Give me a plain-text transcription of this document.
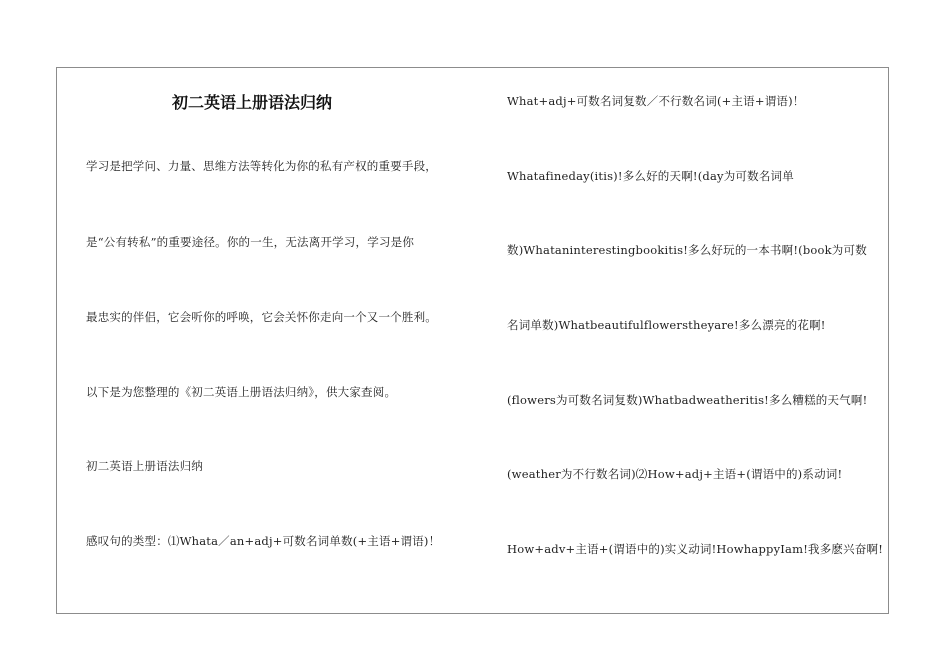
初二英语上册语法归纳
学习是把学问、力量、思维方法等转化为你的私有产权的重要手段，
是“公有转私”的重要途径。你的一生，无法离开学习，学习是你
最忠实的伴侣，它会听你的呼唤，它会关怀你走向一个又一个胜利。
以下是为您整理的《初二英语上册语法归纳》，供大家查阅。
初二英语上册语法归纳
感叹句的类型：⑴Whata／an+adj+可数名词单数(+主语+谓语)！
What+adj+可数名词复数／不行数名词(+主语+谓语)！
Whatafineday(itis)!多么好的天啊!(day为可数名词单
数)Whataninterestingbookitis!多么好玩的一本书啊!(book为可数
名词单数)Whatbeautifulflowerstheyare!多么漂亮的花啊!
(flowers为可数名词复数)Whatbadweatheritis!多么糟糕的天气啊!
(weather为不行数名词)⑵How+adj+主语+(谓语中的)系动词!
How+adv+主语+(谓语中的)实义动词!HowhappyIam!我多麽兴奋啊!
